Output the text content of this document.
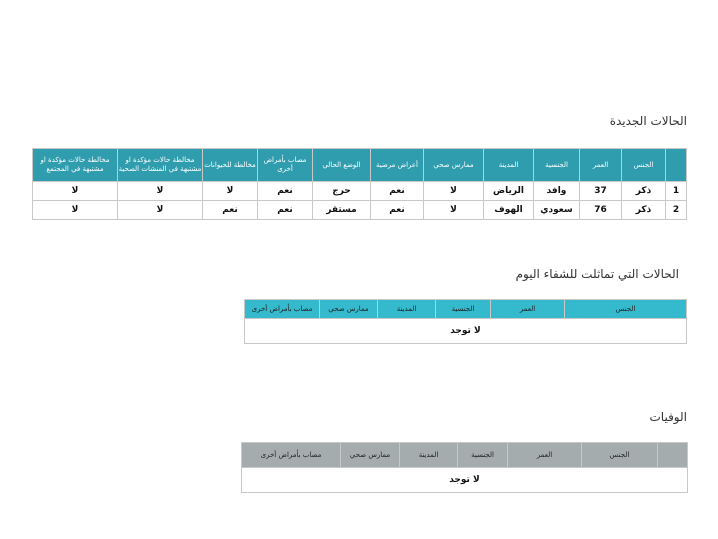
الحالات الجديدة
	الجنس	العمر	الجنسية	المدينة	ممارس صحي	أعراض مرضية	الوضع الحالي	مصاب بأمراض أخرى	مخالطة للحيوانات	مخالطة حالات مؤكدة او مشتبهة في المنشات الصحية	مخالطة حالات مؤكدة او مشتبهة في المجتمع
1	ذكر	37	وافد	الرياض	لا	نعم	حرج	نعم	لا	لا	لا
2	ذكر	76	سعودي	الهوف	لا	نعم	مستقر	نعم	نعم	لا	لا
الحالات التي تماثلت للشفاء اليوم
الجنس	العمر	الجنسية	المدينة	ممارس صحي	مصاب بأمراض أخرى
لا توجد
الوفيات
	الجنس	العمر	الجنسية	المدينة	ممارس صحي	مصاب بأمراض أخرى
لا توجد
